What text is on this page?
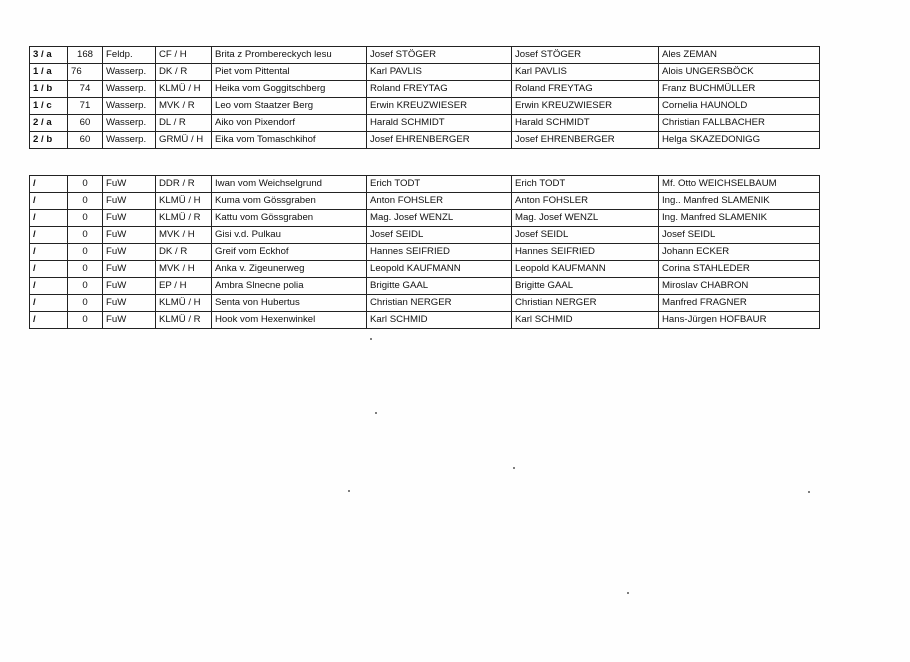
3 / a	168	Feldp.	CF / H	Brita z Prombereckych lesu	Josef STÖGER	Josef STÖGER	Ales ZEMAN
1 / a	76	Wasserp.	DK / R	Piet vom Pittental	Karl PAVLIS	Karl PAVLIS	Alois UNGERSBÖCK
1 / b	74	Wasserp.	KLMÜ / H	Heika vom Goggitschberg	Roland FREYTAG	Roland FREYTAG	Franz BUCHMÜLLER
1 / c	71	Wasserp.	MVK / R	Leo vom Staatzer Berg	Erwin KREUZWIESER	Erwin KREUZWIESER	Cornelia HAUNOLD
2 / a	60	Wasserp.	DL / R	Aiko von Pixendorf	Harald SCHMIDT	Harald SCHMIDT	Christian FALLBACHER
2 / b	60	Wasserp.	GRMÜ / H	Eika vom Tomaschkihof	Josef EHRENBERGER	Josef EHRENBERGER	Helga SKAZEDONIGG
/	0	FuW	DDR / R	Iwan vom Weichselgrund	Erich TODT	Erich TODT	Mf. Otto WEICHSELBAUM
/	0	FuW	KLMÜ / H	Kuma vom Gössgraben	Anton FOHSLER	Anton FOHSLER	Ing.. Manfred SLAMENIK
/	0	FuW	KLMÜ / R	Kattu vom Gössgraben	Mag. Josef WENZL	Mag. Josef WENZL	Ing. Manfred SLAMENIK
/	0	FuW	MVK / H	Gisi v.d. Pulkau	Josef SEIDL	Josef SEIDL	Josef SEIDL
/	0	FuW	DK / R	Greif vom Eckhof	Hannes SEIFRIED	Hannes SEIFRIED	Johann ECKER
/	0	FuW	MVK / H	Anka v. Zigeunerweg	Leopold KAUFMANN	Leopold KAUFMANN	Corina STAHLEDER
/	0	FuW	EP / H	Ambra Slnecne polia	Brigitte GAAL	Brigitte GAAL	Miroslav CHABRON
/	0	FuW	KLMÜ / H	Senta von Hubertus	Christian NERGER	Christian NERGER	Manfred FRAGNER
/	0	FuW	KLMÜ / R	Hook vom Hexenwinkel	Karl SCHMID	Karl SCHMID	Hans-Jürgen HOFBAUR
